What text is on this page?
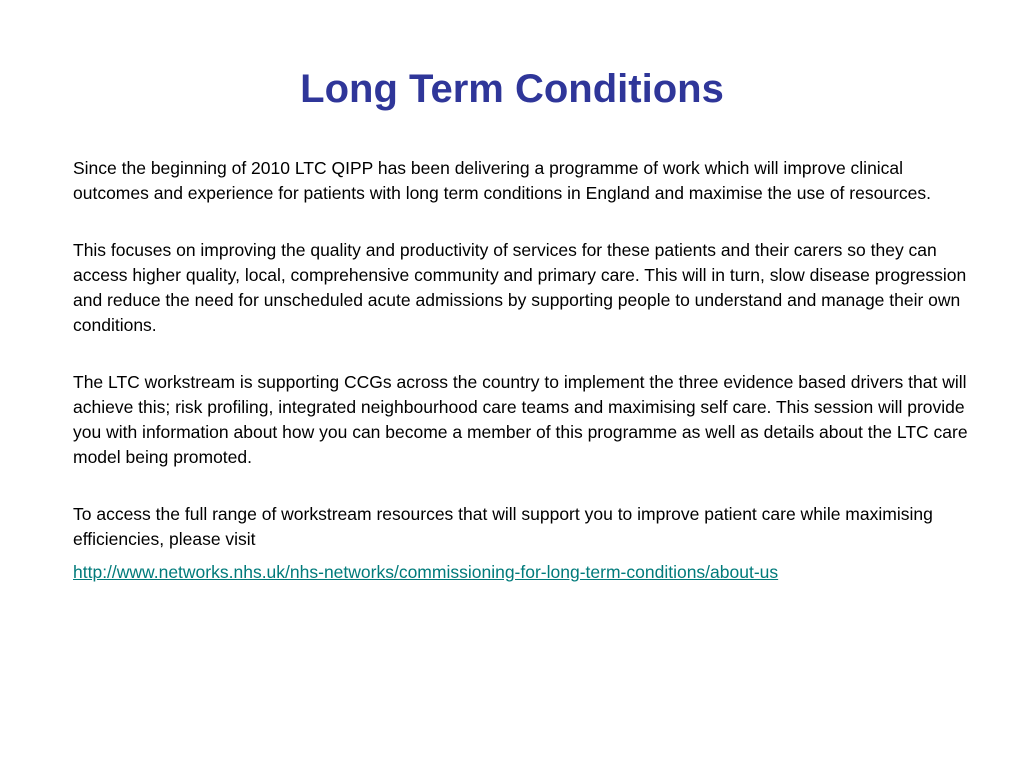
Long Term Conditions

Since the beginning of 2010 LTC QIPP has been delivering a programme of work which will improve clinical outcomes and experience for patients with long term conditions in England and maximise the use of resources.

This focuses on improving the quality and productivity of services for these patients and their carers so they can access higher quality, local, comprehensive community and primary care. This will in turn, slow disease progression and reduce the need for unscheduled acute admissions by supporting people to understand and manage their own conditions.

The LTC workstream is supporting CCGs across the country to implement the three evidence based drivers that will achieve this; risk profiling, integrated neighbourhood care teams and maximising self care. This session will provide you with information about how you can become a member of this programme as well as details about the LTC care model being promoted.

To access the full range of workstream resources that will support you to improve patient care while maximising efficiencies, please visit

http://www.networks.nhs.uk/nhs-networks/commissioning-for-long-term-conditions/about-us
